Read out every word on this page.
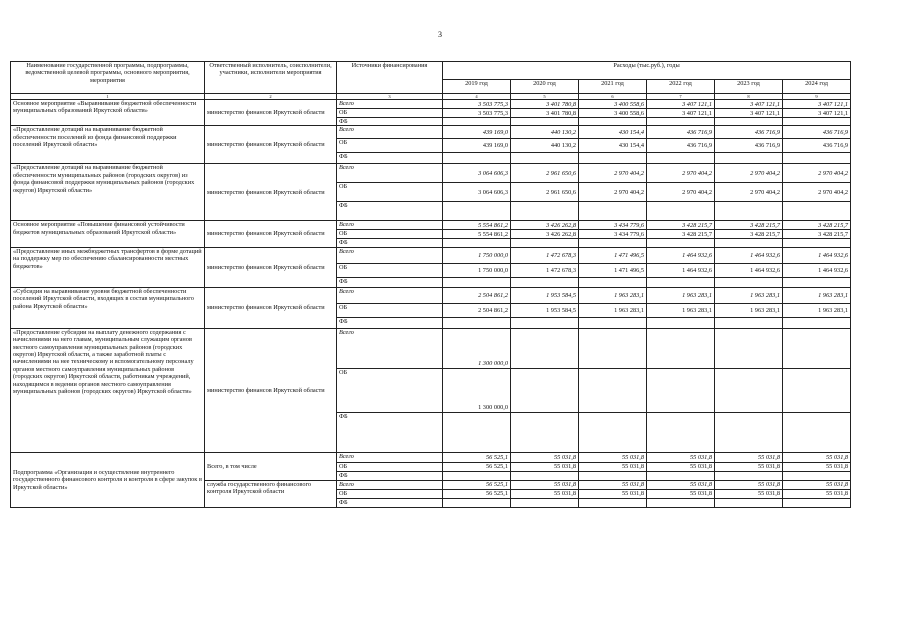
3
Наименование государственной программы, подпрограммы, ведомственной целевой программы, основного мероприятия, мероприятия	Ответственный исполнитель, соисполнители, участники, исполнители мероприятия	Источники финансирования	Расходы (тыс.руб.), годы					
			2019 год	2020 год	2021 год	2022 год	2023 год	2024 год
1	2	3	4	5	6	7	8	9
Основное мероприятие «Выравнивание бюджетной обеспеченности муниципальных образований Иркутской области»	министерство финансов Иркутской области	Всего	3 503 775,3	3 401 780,8	3 400 558,6	3 407 121,1	3 407 121,1	3 407 121,1
		ОБ	3 503 775,3	3 401 780,8	3 400 558,6	3 407 121,1	3 407 121,1	3 407 121,1
		ФБ						
«Предоставление дотаций на выравнивание бюджетной обеспеченности поселений из фонда финансовой поддержки поселений Иркутской области»	министерство финансов Иркутской области	Всего	439 169,0	440 130,2	430 154,4	436 716,9	436 716,9	436 716,9
		ОБ	439 169,0	440 130,2	430 154,4	436 716,9	436 716,9	436 716,9
		ФБ						
«Предоставление дотаций на выравнивание бюджетной обеспеченности муниципальных районов (городских округов) из фонда финансовой поддержки муниципальных районов (городских округов) Иркутской области»	министерство финансов Иркутской области	Всего	3 064 606,3	2 961 650,6	2 970 404,2	2 970 404,2	2 970 404,2	2 970 404,2
		ОБ	3 064 606,3	2 961 650,6	2 970 404,2	2 970 404,2	2 970 404,2	2 970 404,2
		ФБ						
Основное мероприятие «Повышение финансовой устойчивости бюджетов муниципальных образований Иркутской области»	министерство финансов Иркутской области	Всего	5 554 861,2	3 426 262,8	3 434 779,6	3 428 215,7	3 428 215,7	3 428 215,7
		ОБ	5 554 861,2	3 426 262,8	3 434 779,6	3 428 215,7	3 428 215,7	3 428 215,7
		ФБ						
«Предоставление иных межбюджетных трансфертов в форме дотаций на поддержку мер по обеспечению сбалансированности местных бюджетов»	министерство финансов Иркутской области	Всего	1 750 000,0	1 472 678,3	1 471 496,5	1 464 932,6	1 464 932,6	1 464 932,6
		ОБ	1 750 000,0	1 472 678,3	1 471 496,5	1 464 932,6	1 464 932,6	1 464 932,6
		ФБ						
«Субсидия на выравнивание уровня бюджетной обеспеченности поселений Иркутской области, входящих в состав муниципального района Иркутской области»	министерство финансов Иркутской области	Всего	2 504 861,2	1 953 584,5	1 963 283,1	1 963 283,1	1 963 283,1	1 963 283,1
		ОБ	2 504 861,2	1 953 584,5	1 963 283,1	1 963 283,1	1 963 283,1	1 963 283,1
		ФБ						
«Предоставление субсидии на выплату денежного содержания с начислениями на него главам, муниципальным служащим органов местного самоуправления муниципальных районов (городских округов) Иркутской области, а также заработной платы с начислениями на нее техническому и вспомогательному персоналу органов местного самоуправления муниципальных районов (городских округов) Иркутской области, работникам учреждений, находящимся в ведении органов местного самоуправления муниципальных районов (городских округов) Иркутской области»	министерство финансов Иркутской области	Всего	1 300 000,0					
		ОБ	1 300 000,0					
		ФБ						
Подпрограмма «Организация и осуществление внутреннего государственного финансового контроля и контроля в сфере закупок в Иркутской области»	Всего, в том числе	Всего	56 525,1	55 031,8	55 031,8	55 031,8	55 031,8	55 031,8
		ОБ	56 525,1	55 031,8	55 031,8	55 031,8	55 031,8	55 031,8
		ФБ						
	служба государственного финансового контроля Иркутской области	Всего	56 525,1	55 031,8	55 031,8	55 031,8	55 031,8	55 031,8
		ОБ	56 525,1	55 031,8	55 031,8	55 031,8	55 031,8	55 031,8
		ФБ						
